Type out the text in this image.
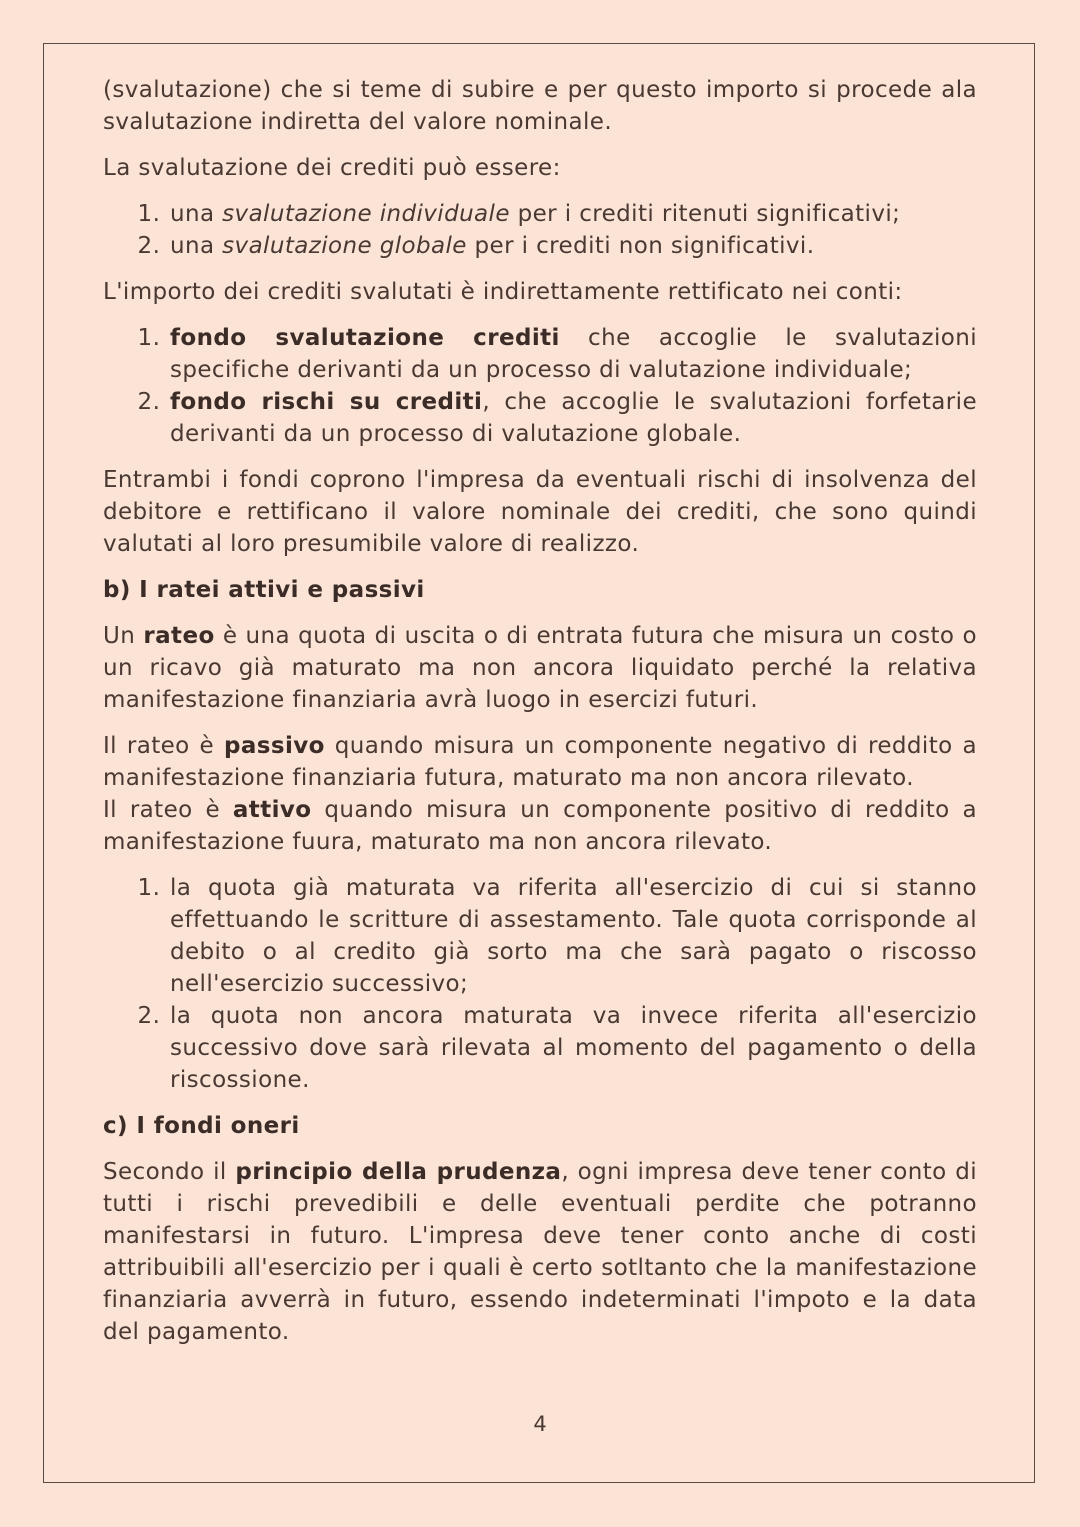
(svalutazione) che si teme di subire e per questo importo si procede ala svalutazione indiretta del valore nominale.

La svalutazione dei crediti può essere:

1. una svalutazione individuale per i crediti ritenuti significativi;
2. una svalutazione globale per i crediti non significativi.

L'importo dei crediti svalutati è indirettamente rettificato nei conti:

1. fondo svalutazione crediti che accoglie le svalutazioni specifiche derivanti da un processo di valutazione individuale;
2. fondo rischi su crediti, che accoglie le svalutazioni forfetarie derivanti da un processo di valutazione globale.

Entrambi i fondi coprono l'impresa da eventuali rischi di insolvenza del debitore e rettificano il valore nominale dei crediti, che sono quindi valutati al loro presumibile valore di realizzo.

b) I ratei attivi e passivi

Un rateo è una quota di uscita o di entrata futura che misura un costo o un ricavo già maturato ma non ancora liquidato perché la relativa manifestazione finanziaria avrà luogo in esercizi futuri.

Il rateo è passivo quando misura un componente negativo di reddito a manifestazione finanziaria futura, maturato ma non ancora rilevato.

Il rateo è attivo quando misura un componente positivo di reddito a manifestazione fuura, maturato ma non ancora rilevato.

1. la quota già maturata va riferita all'esercizio di cui si stanno effettuando le scritture di assestamento. Tale quota corrisponde al debito o al credito già sorto ma che sarà pagato o riscosso nell'esercizio successivo;
2. la quota non ancora maturata va invece riferita all'esercizio successivo dove sarà rilevata al momento del pagamento o della riscossione.
c) I fondi oneri

Secondo il principio della prudenza, ogni impresa deve tener conto di tutti i rischi prevedibili e delle eventuali perdite che potranno manifestarsi in futuro. L'impresa deve tener conto anche di costi attribuibili all'esercizio per i quali è certo sotltanto che la manifestazione finanziaria avverrà in futuro, essendo indeterminati l'impoto e la data del pagamento.

4
